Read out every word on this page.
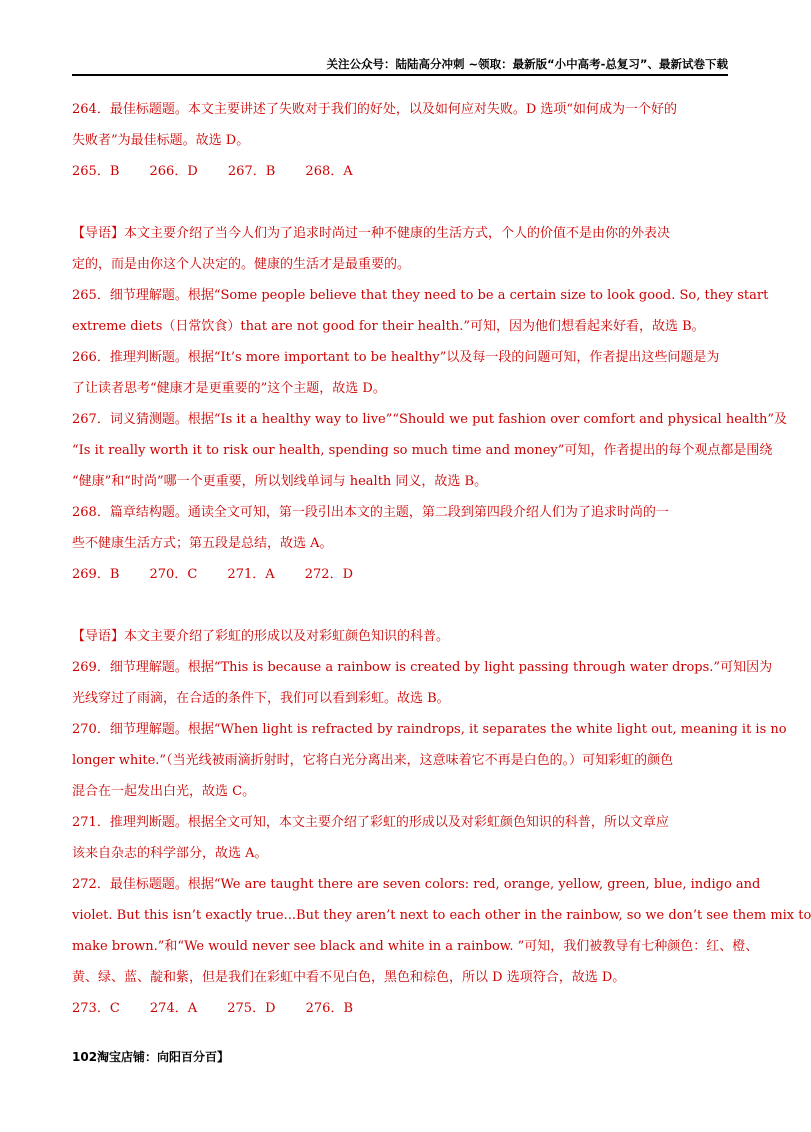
关注公众号：陆陆高分冲刺 ~领取：最新版“小中高考-总复习”、最新试卷下载
264．最佳标题题。本文主要讲述了失败对于我们的好处，以及如何应对失败。D 选项“如何成为一个好的
失败者”为最佳标题。故选 D。
265．B 266．D 267．B 268．A
【导语】本文主要介绍了当今人们为了追求时尚过一种不健康的生活方式，个人的价值不是由你的外表决
定的，而是由你这个人决定的。健康的生活才是最重要的。
265．细节理解题。根据“Some people believe that they need to be a certain size to look good. So, they start
extreme diets（日常饮食）that are not good for their health.”可知，因为他们想看起来好看，故选 B。
266．推理判断题。根据“It’s more important to be healthy”以及每一段的问题可知，作者提出这些问题是为
了让读者思考“健康才是更重要的”这个主题，故选 D。
267．词义猜测题。根据“Is it a healthy way to live”“Should we put fashion over comfort and physical health”及
“Is it really worth it to risk our health, spending so much time and money”可知，作者提出的每个观点都是围绕
“健康”和“时尚”哪一个更重要，所以划线单词与 health 同义，故选 B。
268．篇章结构题。通读全文可知，第一段引出本文的主题，第二段到第四段介绍人们为了追求时尚的一
些不健康生活方式；第五段是总结，故选 A。
269．B 270．C 271．A 272．D
【导语】本文主要介绍了彩虹的形成以及对彩虹颜色知识的科普。
269．细节理解题。根据“This is because a rainbow is created by light passing through water drops.”可知因为
光线穿过了雨滴，在合适的条件下，我们可以看到彩虹。故选 B。
270．细节理解题。根据“When light is refracted by raindrops, it separates the white light out, meaning it is no
longer white.”（当光线被雨滴折射时，它将白光分离出来，这意味着它不再是白色的。）可知彩虹的颜色
混合在一起发出白光，故选 C。
271．推理判断题。根据全文可知，本文主要介绍了彩虹的形成以及对彩虹颜色知识的科普，所以文章应
该来自杂志的科学部分，故选 A。
272．最佳标题题。根据“We are taught there are seven colors: red, orange, yellow, green, blue, indigo and
violet. But this isn’t exactly true...But they aren’t next to each other in the rainbow, so we don’t see them mix to
make brown.”和“We would never see black and white in a rainbow. ”可知，我们被教导有七种颜色：红、橙、
黄、绿、蓝、靛和紫，但是我们在彩虹中看不见白色，黑色和棕色，所以 D 选项符合，故选 D。
273．C 274．A 275．D 276．B
102淘宝店铺：向阳百分百】
